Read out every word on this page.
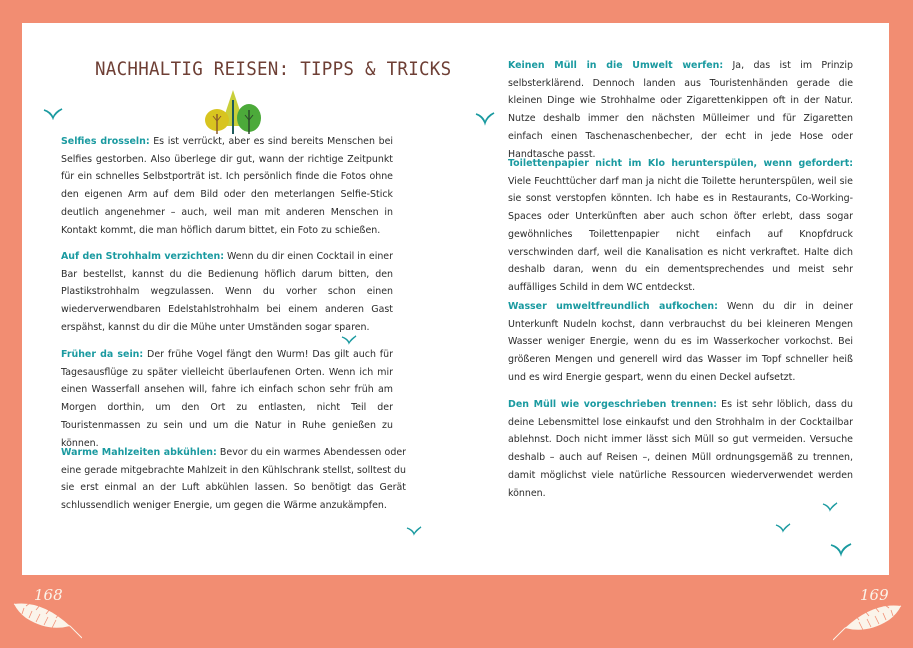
NACHHALTIG REISEN: TIPPS & TRICKS

Selfies drosseln: Es ist verrückt, aber es sind bereits Menschen bei Selfies gestorben. Also überlege dir gut, wann der richtige Zeitpunkt für ein schnelles Selbstporträt ist. Ich persönlich finde die Fotos ohne den eigenen Arm auf dem Bild oder den meterlangen Selfie-Stick deutlich angenehmer – auch, weil man mit anderen Menschen in Kontakt kommt, die man höflich darum bittet, ein Foto zu schießen.

Auf den Strohhalm verzichten: Wenn du dir einen Cocktail in einer Bar bestellst, kannst du die Bedienung höflich darum bitten, den Plastikstrohhalm wegzulassen. Wenn du vorher schon einen wiederverwendbaren Edelstahlstrohhalm bei einem anderen Gast erspähst, kannst du dir die Mühe unter Umständen sogar sparen.

Früher da sein: Der frühe Vogel fängt den Wurm! Das gilt auch für Tagesausflüge zu später vielleicht überlaufenen Orten. Wenn ich mir einen Wasserfall ansehen will, fahre ich einfach schon sehr früh am Morgen dorthin, um den Ort zu entlasten, nicht Teil der Touristenmassen zu sein und um die Natur in Ruhe genießen zu können.

Warme Mahlzeiten abkühlen: Bevor du ein warmes Abendessen oder eine gerade mitgebrachte Mahlzeit in den Kühlschrank stellst, solltest du sie erst einmal an der Luft abkühlen lassen. So benötigt das Gerät schlussendlich weniger Energie, um gegen die Wärme anzukämpfen.

Keinen Müll in die Umwelt werfen: Ja, das ist im Prinzip selbsterklärend. Dennoch landen aus Touristenhänden gerade die kleinen Dinge wie Strohhalme oder Zigarettenkippen oft in der Natur. Nutze deshalb immer den nächsten Mülleimer und für Zigaretten einfach einen Taschenaschenbecher, der echt in jede Hose oder Handtasche passt.

Toilettenpapier nicht im Klo herunterspülen, wenn gefordert: Viele Feuchttücher darf man ja nicht die Toilette herunterspülen, weil sie sie sonst verstopfen könnten. Ich habe es in Restaurants, Co-Working-Spaces oder Unterkünften aber auch schon öfter erlebt, dass sogar gewöhnliches Toilettenpapier nicht einfach auf Knopfdruck verschwinden darf, weil die Kanalisation es nicht verkraftet. Halte dich deshalb daran, wenn du ein dementsprechendes und meist sehr auffälliges Schild in dem WC entdeckst.

Wasser umweltfreundlich aufkochen: Wenn du dir in deiner Unterkunft Nudeln kochst, dann verbrauchst du bei kleineren Mengen Wasser weniger Energie, wenn du es im Wasserkocher vorkochst. Bei größeren Mengen und generell wird das Wasser im Topf schneller heiß und es wird Energie gespart, wenn du einen Deckel aufsetzt.

Den Müll wie vorgeschrieben trennen: Es ist sehr löblich, dass du deine Lebensmittel lose einkaufst und den Strohhalm in der Cocktailbar ablehnst. Doch nicht immer lässt sich Müll so gut vermeiden. Versuche deshalb – auch auf Reisen –, deinen Müll ordnungsgemäß zu trennen, damit möglichst viele natürliche Ressourcen wiederverwendet werden können.

168	169
